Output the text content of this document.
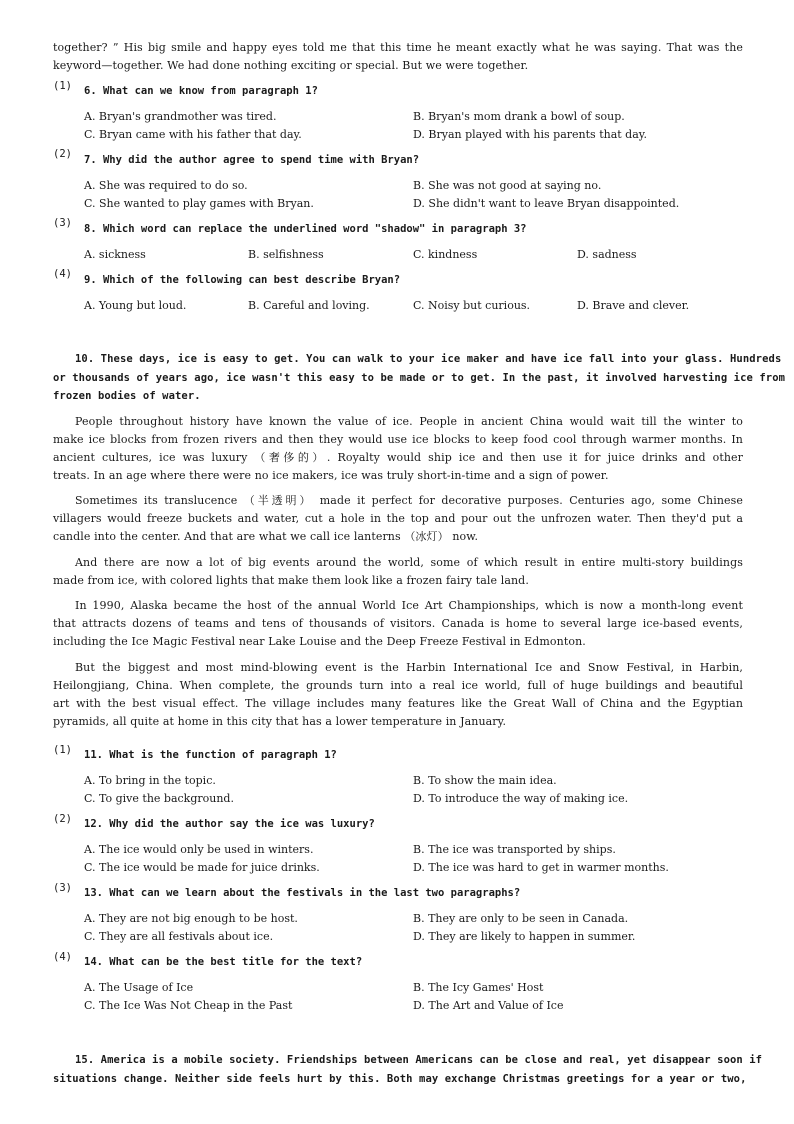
together? ” His big smile and happy eyes told me that this time he meant exactly what he was saying. That was the
keyword—together. We had done nothing exciting or special. But we were together.
(1) 6. What can we know from paragraph 1?
A. Bryan's grandmother was tired.	B. Bryan's mom drank a bowl of soup.
C. Bryan came with his father that day.	D. Bryan played with his parents that day.
(2) 7. Why did the author agree to spend time with Bryan?
A. She was required to do so.	B. She was not good at saying no.
C. She wanted to play games with Bryan.	D. She didn't want to leave Bryan disappointed.
(3) 8. Which word can replace the underlined word "shadow" in paragraph 3?
A. sickness	B. selfishness	C. kindness	D. sadness
(4) 9. Which of the following can best describe Bryan?
A. Young but loud.	B. Careful and loving.	C. Noisy but curious.	D. Brave and clever.
10. These days, ice is easy to get. You can walk to your ice maker and have ice fall into your glass. Hundreds
or thousands of years ago, ice wasn't this easy to be made or to get. In the past, it involved harvesting ice from
frozen bodies of water.
People throughout history have known the value of ice. People in ancient China would wait till the winter to
make ice blocks from frozen rivers and then they would use ice blocks to keep food cool through warmer months. In
ancient cultures, ice was luxury （奢侈的）. Royalty would ship ice and then use it for juice drinks and other
treats. In an age where there were no ice makers, ice was truly short-in-time and a sign of power.
Sometimes its translucence （半透明） made it perfect for decorative purposes. Centuries ago, some Chinese
villagers would freeze buckets and water, cut a hole in the top and pour out the unfrozen water. Then they'd put a
candle into the center. And that are what we call ice lanterns （冰灯） now.
And there are now a lot of big events around the world, some of which result in entire multi-story buildings
made from ice, with colored lights that make them look like a frozen fairy tale land.
In 1990, Alaska became the host of the annual World Ice Art Championships, which is now a month-long event
that attracts dozens of teams and tens of thousands of visitors. Canada is home to several large ice-based events,
including the Ice Magic Festival near Lake Louise and the Deep Freeze Festival in Edmonton.
But the biggest and most mind-blowing event is the Harbin International Ice and Snow Festival, in Harbin,
Heilongjiang, China. When complete, the grounds turn into a real ice world, full of huge buildings and beautiful
art with the best visual effect. The village includes many features like the Great Wall of China and the Egyptian
pyramids, all quite at home in this city that has a lower temperature in January.
(1) 11. What is the function of paragraph 1?
A. To bring in the topic.	B. To show the main idea.
C. To give the background.	D. To introduce the way of making ice.
(2) 12. Why did the author say the ice was luxury?
A. The ice would only be used in winters.	B. The ice was transported by ships.
C. The ice would be made for juice drinks.	D. The ice was hard to get in warmer months.
(3) 13. What can we learn about the festivals in the last two paragraphs?
A. They are not big enough to be host.	B. They are only to be seen in Canada.
C. They are all festivals about ice.	D. They are likely to happen in summer.
(4) 14. What can be the best title for the text?
A. The Usage of Ice	B. The Icy Games' Host
C. The Ice Was Not Cheap in the Past	D. The Art and Value of Ice
15. America is a mobile society. Friendships between Americans can be close and real, yet disappear soon if
situations change. Neither side feels hurt by this. Both may exchange Christmas greetings for a year or two,
